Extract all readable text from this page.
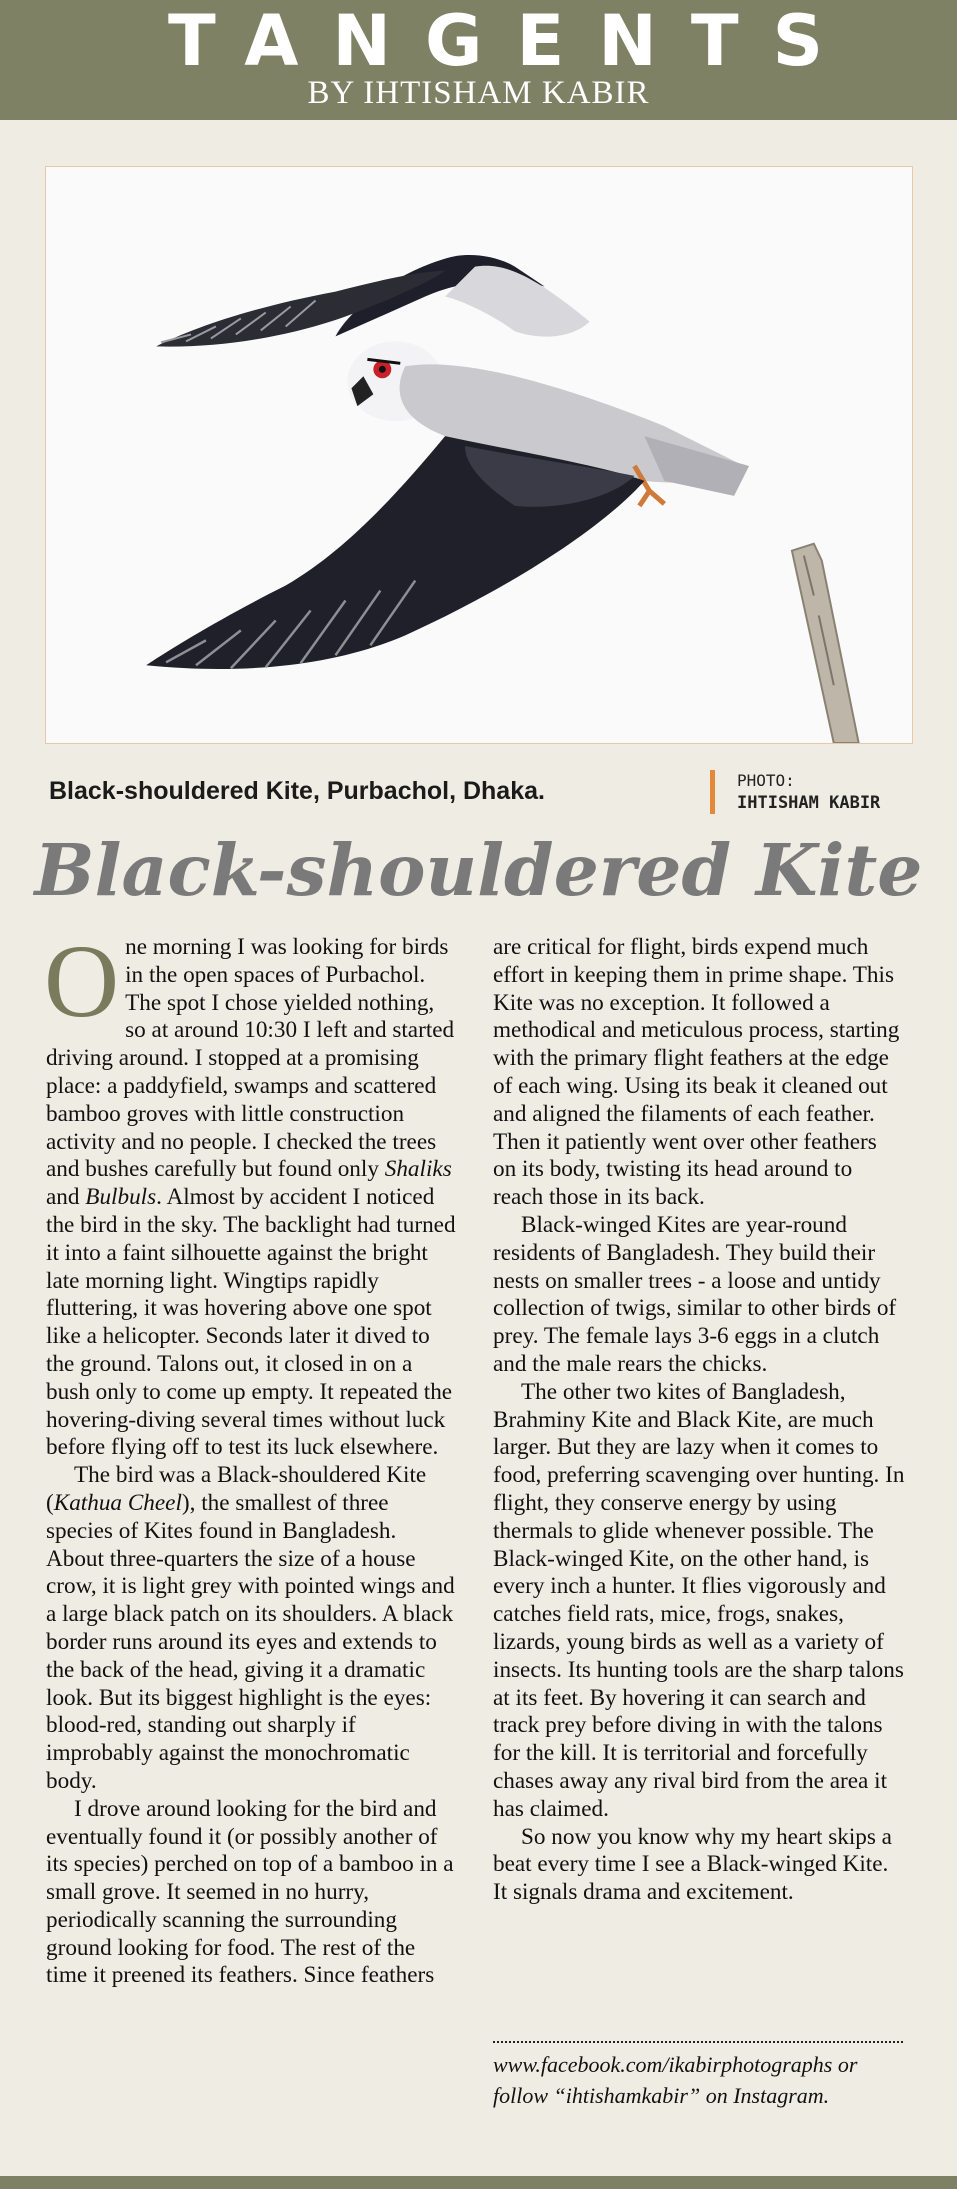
TANGENTS
BY IHTISHAM KABIR
Black-shouldered Kite, Purbachol, Dhaka.	PHOTO:
IHTISHAM KABIR
Black-shouldered Kite

One morning I was looking for birds in the open spaces of Purbachol. The spot I chose yielded nothing, so at around 10:30 I left and started driving around. I stopped at a promising place: a paddyfield, swamps and scattered bamboo groves with little construction activity and no people. I checked the trees and bushes carefully but found only Shaliks and Bulbuls. Almost by accident I noticed the bird in the sky. The backlight had turned it into a faint silhouette against the bright late morning light. Wingtips rapidly fluttering, it was hovering above one spot like a helicopter. Seconds later it dived to the ground. Talons out, it closed in on a bush only to come up empty. It repeated the hovering-diving several times without luck before flying off to test its luck elsewhere.

The bird was a Black-shouldered Kite (Kathua Cheel), the smallest of three species of Kites found in Bangladesh. About three-quarters the size of a house crow, it is light grey with pointed wings and a large black patch on its shoulders. A black border runs around its eyes and extends to the back of the head, giving it a dramatic look. But its biggest highlight is the eyes: blood-red, standing out sharply if improbably against the monochromatic body.

I drove around looking for the bird and eventually found it (or possibly another of its species) perched on top of a bamboo in a small grove. It seemed in no hurry, periodically scanning the surrounding ground looking for food. The rest of the time it preened its feathers. Since feathers

are critical for flight, birds expend much effort in keeping them in prime shape. This Kite was no exception. It followed a methodical and meticulous process, starting with the primary flight feathers at the edge of each wing. Using its beak it cleaned out and aligned the filaments of each feather. Then it patiently went over other feathers on its body, twisting its head around to reach those in its back.

Black-winged Kites are year-round residents of Bangladesh. They build their nests on smaller trees - a loose and untidy collection of twigs, similar to other birds of prey. The female lays 3-6 eggs in a clutch and the male rears the chicks.

The other two kites of Bangladesh, Brahminy Kite and Black Kite, are much larger. But they are lazy when it comes to food, preferring scavenging over hunting. In flight, they conserve energy by using thermals to glide whenever possible. The Black-winged Kite, on the other hand, is every inch a hunter. It flies vigorously and catches field rats, mice, frogs, snakes, lizards, young birds as well as a variety of insects. Its hunting tools are the sharp talons at its feet. By hovering it can search and track prey before diving in with the talons for the kill. It is territorial and forcefully chases away any rival bird from the area it has claimed.

So now you know why my heart skips a beat every time I see a Black-winged Kite. It signals drama and excitement.

www.facebook.com/ikabirphotographs or follow “ihtishamkabir” on Instagram.
